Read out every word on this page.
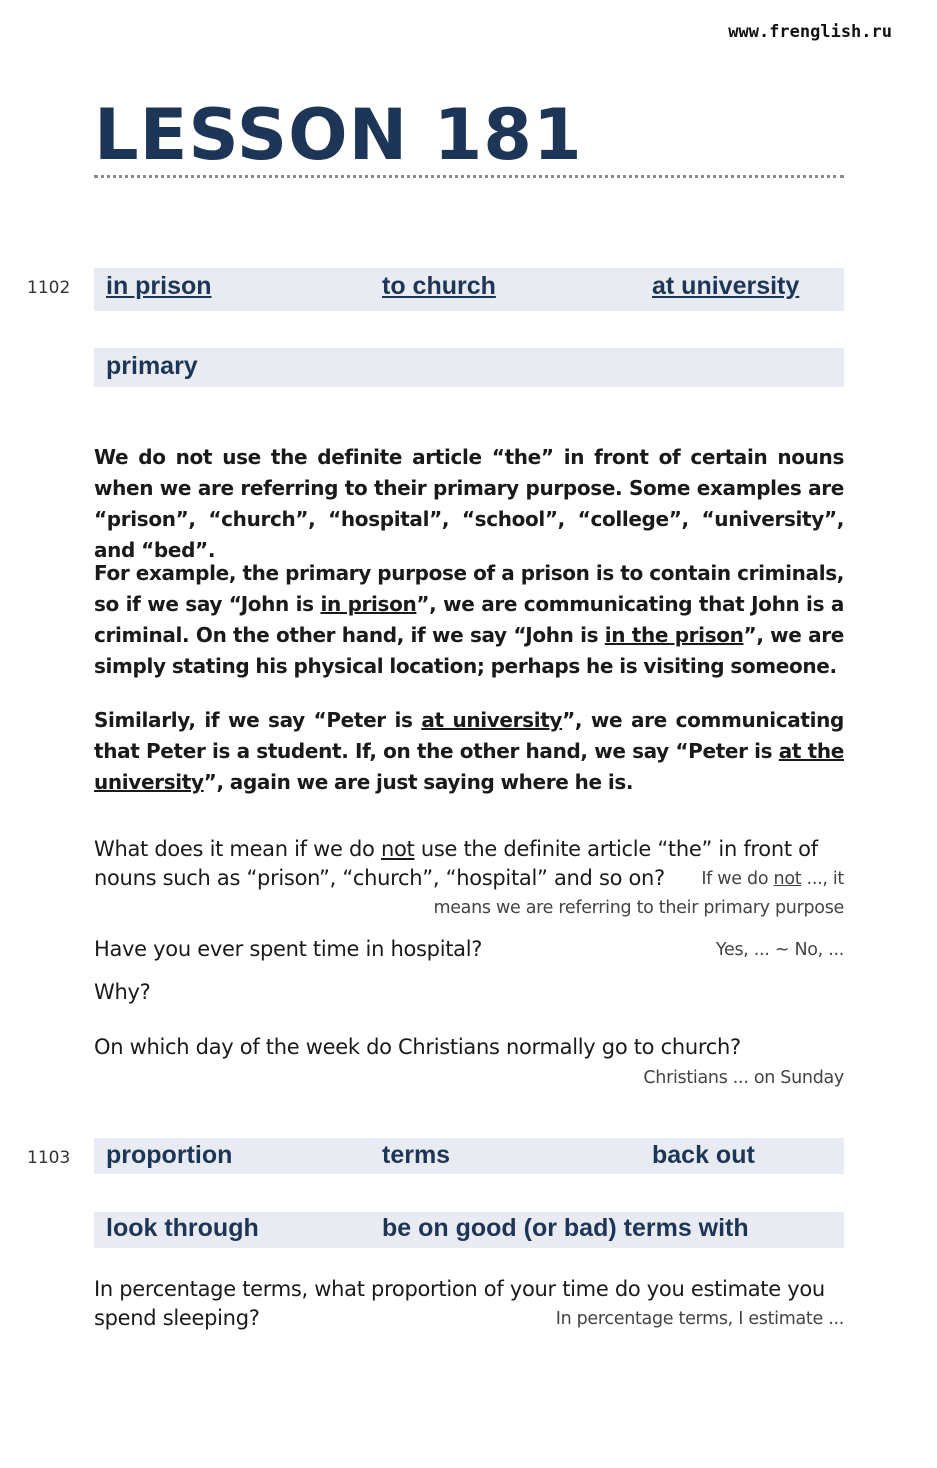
www.frenglish.ru
LESSON 181
1102 in prison	to church	at university
primary
We do not use the definite article “the” in front of certain nouns when we are referring to their primary purpose. Some examples are “prison”, “church”, “hospital”, “school”, “college”, “university”, and “bed”.
For example, the primary purpose of a prison is to contain criminals, so if we say “John is in prison”, we are communicating that John is a criminal. On the other hand, if we say “John is in the prison”, we are simply stating his physical location; perhaps he is visiting someone.
Similarly, if we say “Peter is at university”, we are communicating that Peter is a student. If, on the other hand, we say “Peter is at the university”, again we are just saying where he is.
What does it mean if we do not use the definite article “the” in front of
nouns such as “prison”, “church”, “hospital” and so on? If we do not ..., it
means we are referring to their primary purpose
Have you ever spent time in hospital?	Yes, ... ~ No, ...
Why?
On which day of the week do Christians normally go to church?
Christians ... on Sunday
1103 proportion	terms	back out
look through	be on good (or bad) terms with
In percentage terms, what proportion of your time do you estimate you
spend sleeping?	In percentage terms, I estimate ...
